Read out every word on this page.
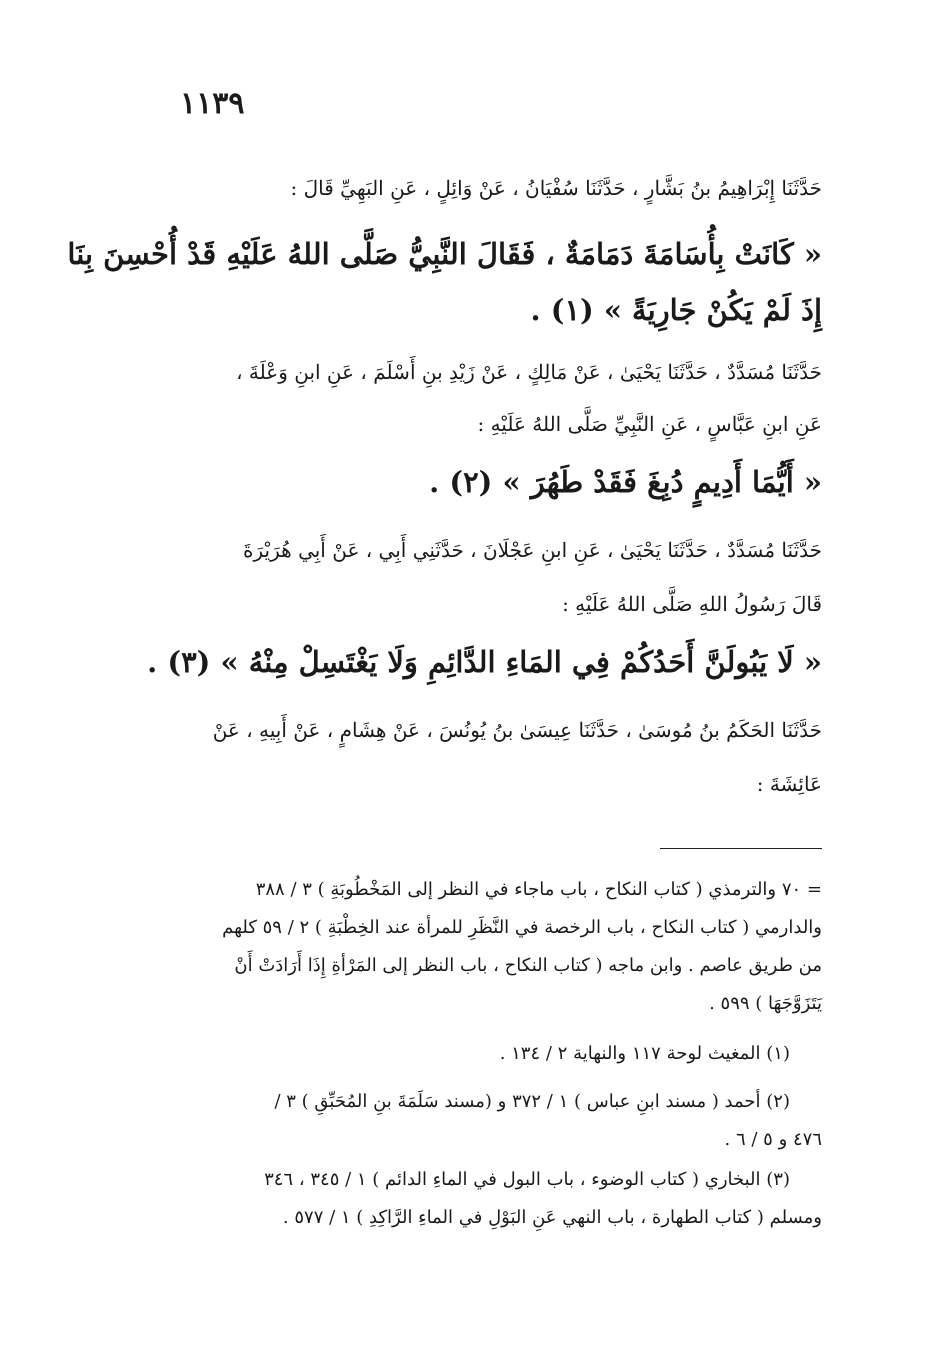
١١٣٩
حَدَّثَنَا إِبْرَاهِيمُ بنُ بَشَّارٍ ، حَدَّثَنَا سُفْيَانُ ، عَنْ وَائِلٍ ، عَنِ البَهِيِّ قَالَ :
« كَانَتْ بِأُسَامَةَ دَمَامَةٌ ، فَقَالَ النَّبِيُّ صَلَّى اللهُ عَلَيْهِ قَدْ أُحْسِنَ بِنَا
إِذَ لَمْ يَكُنْ جَارِيَةً » (١) .
حَدَّثَنَا مُسَدَّدٌ ، حَدَّثَنَا يَحْيَىٰ ، عَنْ مَالِكٍ ، عَنْ زَيْدِ بنِ أَسْلَمَ ، عَنِ ابنِ وَعْلَةَ ،
عَنِ ابنِ عَبَّاسٍ ، عَنِ النَّبِيِّ صَلَّى اللهُ عَلَيْهِ :
« أَيُّمَا أَدِيمٍ دُبِغَ فَقَدْ طَهُرَ » (٢) .
حَدَّثَنَا مُسَدَّدٌ ، حَدَّثَنَا يَحْيَىٰ ، عَنِ ابنِ عَجْلَانَ ، حَدَّثَنِي أَبِي ، عَنْ أَبِي هُرَيْرَةَ
قَالَ رَسُولُ اللهِ صَلَّى اللهُ عَلَيْهِ :
« لَا يَبُولَنَّ أَحَدُكُمْ فِي المَاءِ الدَّائِمِ وَلَا يَغْتَسِلْ مِنْهُ » (٣) .
حَدَّثَنَا الحَكَمُ بنُ مُوسَىٰ ، حَدَّثَنَا عِيسَىٰ بنُ يُونُسَ ، عَنْ هِشَامٍ ، عَنْ أَبِيهِ ، عَنْ
عَائِشَةَ :
= ٧٠ والترمذي ( كتاب النكاح ، باب ماجاء في النظر إلى المَخْطُوبَةِ ) ٣ / ٣٨٨
والدارمي ( كتاب النكاح ، باب الرخصة في النَّظَرِ للمرأة عند الخِطْبَةِ ) ٢ / ٥٩ كلهم
من طريق عاصم . وابن ماجه ( كتاب النكاح ، باب النظر إلى المَرْأةِ إِذَا أَرَادَتْ أَنْ
يَتَزَوَّجَهَا ) ٥٩٩ .
(١) المغيث لوحة ١١٧ والنهاية ٢ / ١٣٤ .
(٢) أحمد ( مسند ابنِ عباس ) ١ / ٣٧٢ و (مسند سَلَمَةَ بنِ المُحَبِّقِ ) ٣ /
٤٧٦ و ٥ / ٦ .
(٣) البخاري ( كتاب الوضوء ، باب البول في الماءِ الدائم ) ١ / ٣٤٥ ، ٣٤٦
ومسلم ( كتاب الطهارة ، باب النهي عَنِ البَوْلِ في الماءِ الرَّاكِدِ ) ١ / ٥٧٧ .
